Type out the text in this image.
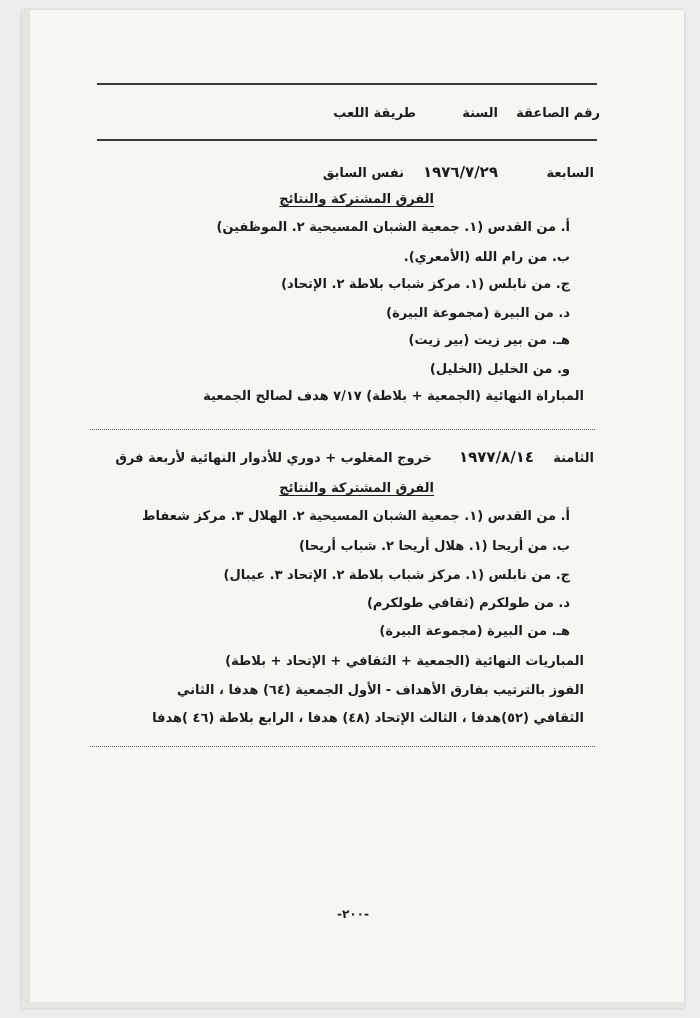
رقم الصاعقة
السنة
طريقة اللعب
السابعة
١٩٧٦/٧/٢٩
نفس السابق
الفرق المشتركة والنتائج
أ. من القدس (١. جمعية الشبان المسيحية ٢. الموظفين)
ب. من رام الله (الأمعري).
ج. من نابلس (١. مركز شباب بلاطة ٢. الإتحاد)
د. من البيرة (مجموعة البيرة)
هـ. من بير زيت (بير زيت)
و. من الخليل (الخليل)
المباراة النهائية (الجمعية + بلاطة) ٧/١٧ هدف لصالح الجمعية
الثامنة
١٩٧٧/٨/١٤
خروج المغلوب + دوري للأدوار النهائية لأربعة فرق
الفرق المشتركة والنتائج
أ. من القدس (١. جمعية الشبان المسيحية ٢. الهلال ٣. مركز شعفاط
ب. من أريحا (١. هلال أريحا ٢. شباب أريحا)
ج. من نابلس (١. مركز شباب بلاطة ٢. الإتحاد ٣. عيبال)
د. من طولكرم (ثقافي طولكرم)
هـ. من البيرة (مجموعة البيرة)
المباريات النهائية (الجمعية + الثقافي + الإتحاد + بلاطة)
الفوز بالترتيب بفارق الأهداف - الأول الجمعية (٦٤) هدفا ، الثاني
الثقافي (٥٢)هدفا ، الثالث الإتحاد (٤٨) هدفا ، الرابع بلاطة (٤٦ )هدفا
-٢٠٠-
